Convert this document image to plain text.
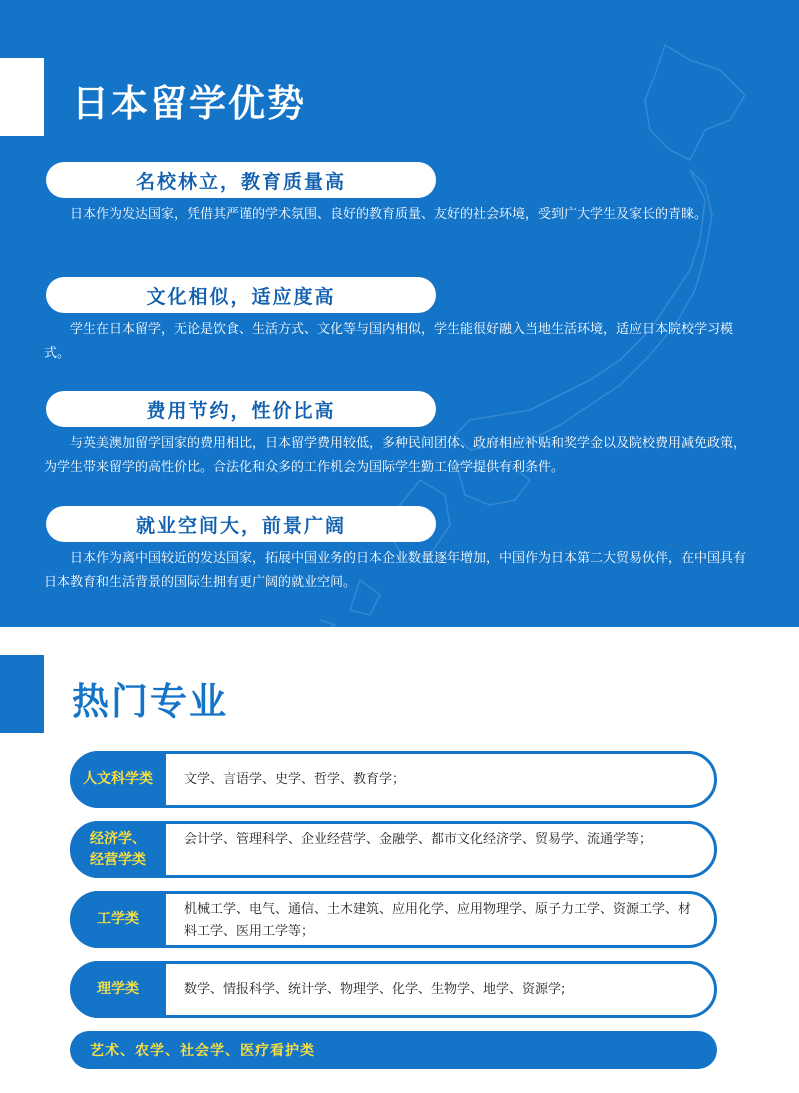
日本留学优势
名校林立，教育质量高

日本作为发达国家，凭借其严谨的学术氛围、良好的教育质量、友好的社会环境，受到广大学生及家长的青睐。

文化相似，适应度高

学生在日本留学，无论是饮食、生活方式、文化等与国内相似，学生能很好融入当地生活环境，适应日本院校学习模式。

费用节约，性价比高

与英美澳加留学国家的费用相比，日本留学费用较低，多种民间团体、政府相应补贴和奖学金以及院校费用减免政策，为学生带来留学的高性价比。合法化和众多的工作机会为国际学生勤工俭学提供有利条件。

就业空间大，前景广阔

日本作为离中国较近的发达国家，拓展中国业务的日本企业数量逐年增加，中国作为日本第二大贸易伙伴，在中国具有日本教育和生活背景的国际生拥有更广阔的就业空间。

热门专业
人文科学类 文学、言语学、史学、哲学、教育学；
经济学、
经营学类
会计学、管理科学、企业经营学、金融学、都市文化经济学、贸易学、流通学等；
工学类
机械工学、电气、通信、土木建筑、应用化学、应用物理学、原子力工学、资源工学、材料工学、医用工学等；
理学类	数学、情报科学、统计学、物理学、化学、生物学、地学、资源学;
艺术、农学、社会学、医疗看护类
